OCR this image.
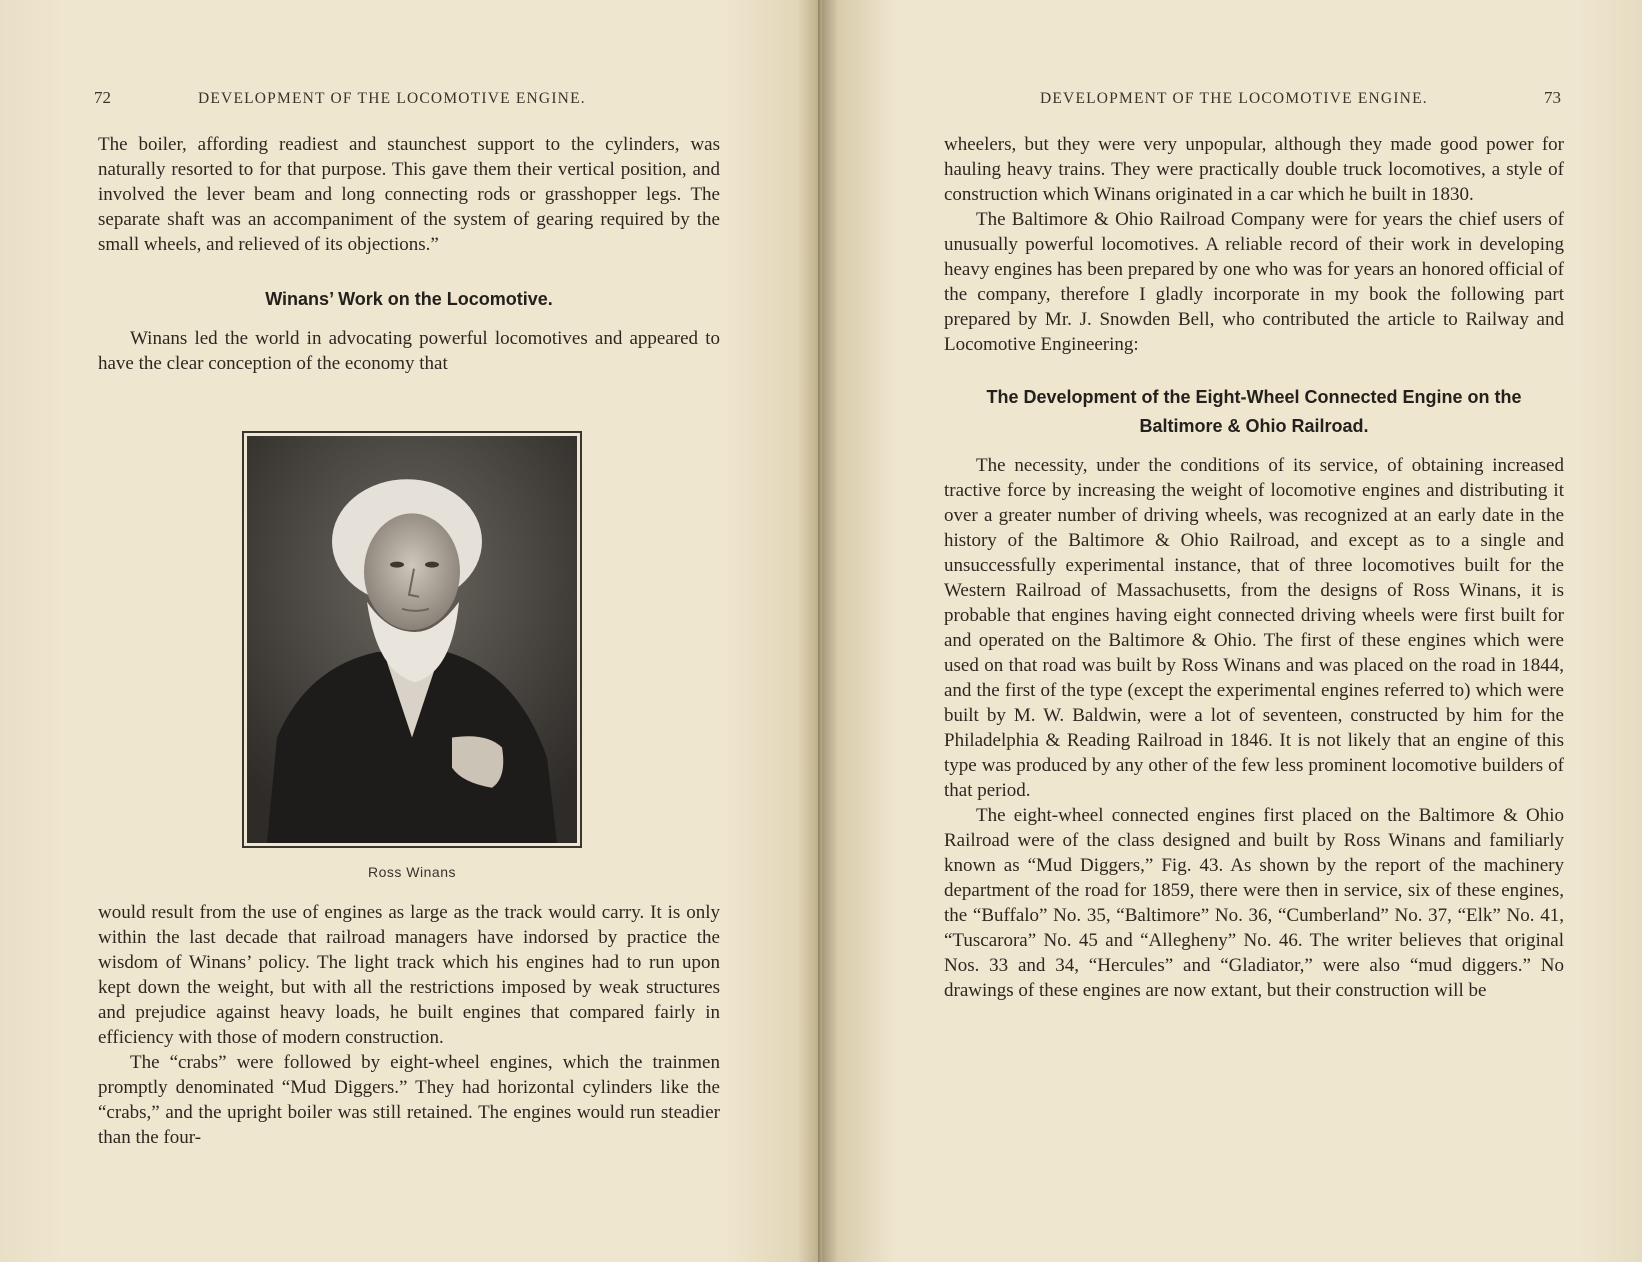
72	DEVELOPMENT OF THE LOCOMOTIVE ENGINE.

The boiler, affording readiest and staunchest support to the cylinders, was naturally resorted to for that purpose. This gave them their vertical position, and involved the lever beam and long connecting rods or grasshopper legs. The separate shaft was an accompaniment of the system of gearing required by the small wheels, and relieved of its objections.”

Winans’ Work on the Locomotive.

Winans led the world in advocating powerful locomotives and appeared to have the clear conception of the economy that

Ross Winans

would result from the use of engines as large as the track would carry. It is only within the last decade that railroad managers have indorsed by practice the wisdom of Winans’ policy. The light track which his engines had to run upon kept down the weight, but with all the restrictions imposed by weak structures and prejudice against heavy loads, he built engines that compared fairly in efficiency with those of modern construction.

The “crabs” were followed by eight-wheel engines, which the trainmen promptly denominated “Mud Diggers.” They had horizontal cylinders like the “crabs,” and the upright boiler was still retained. The engines would run steadier than the four-

DEVELOPMENT OF THE LOCOMOTIVE ENGINE.	73

wheelers, but they were very unpopular, although they made good power for hauling heavy trains. They were practically double truck locomotives, a style of construction which Winans originated in a car which he built in 1830.

The Baltimore & Ohio Railroad Company were for years the chief users of unusually powerful locomotives. A reliable record of their work in developing heavy engines has been prepared by one who was for years an honored official of the company, therefore I gladly incorporate in my book the following part prepared by Mr. J. Snowden Bell, who contributed the article to Railway and Locomotive Engineering:

The Development of the Eight-Wheel Connected Engine on the
Baltimore & Ohio Railroad.

The necessity, under the conditions of its service, of obtaining increased tractive force by increasing the weight of locomotive engines and distributing it over a greater number of driving wheels, was recognized at an early date in the history of the Baltimore & Ohio Railroad, and except as to a single and unsuccessfully experimental instance, that of three locomotives built for the Western Railroad of Massachusetts, from the designs of Ross Winans, it is probable that engines having eight connected driving wheels were first built for and operated on the Baltimore & Ohio. The first of these engines which were used on that road was built by Ross Winans and was placed on the road in 1844, and the first of the type (except the experimental engines referred to) which were built by M. W. Baldwin, were a lot of seventeen, constructed by him for the Philadelphia & Reading Railroad in 1846. It is not likely that an engine of this type was produced by any other of the few less prominent locomotive builders of that period.

The eight-wheel connected engines first placed on the Baltimore & Ohio Railroad were of the class designed and built by Ross Winans and familiarly known as “Mud Diggers,” Fig. 43. As shown by the report of the machinery department of the road for 1859, there were then in service, six of these engines, the “Buffalo” No. 35, “Baltimore” No. 36, “Cumberland” No. 37, “Elk” No. 41, “Tuscarora” No. 45 and “Allegheny” No. 46. The writer believes that original Nos. 33 and 34, “Hercules” and “Gladiator,” were also “mud diggers.” No drawings of these engines are now extant, but their construction will be
